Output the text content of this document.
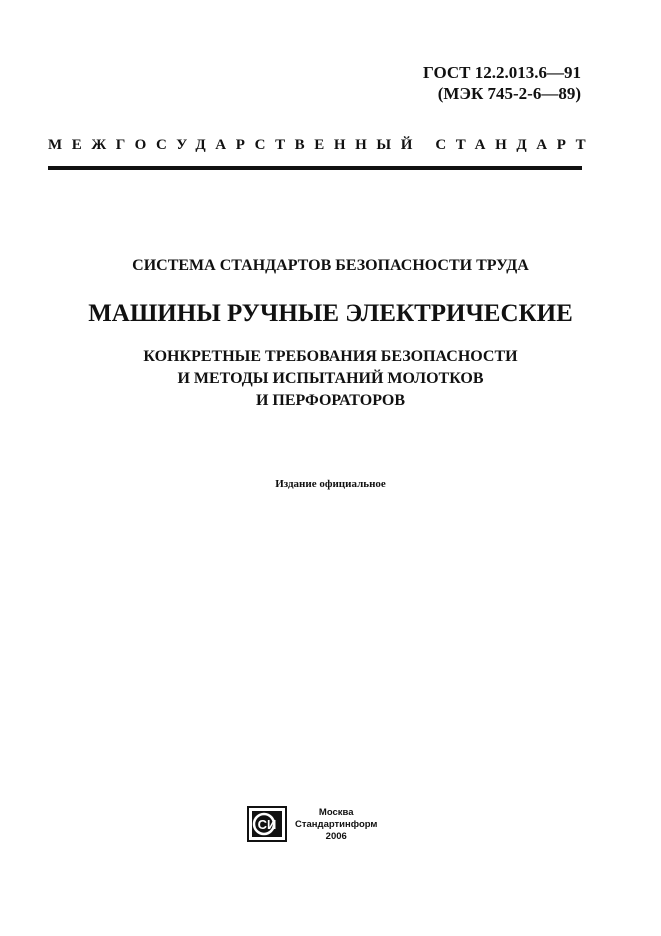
ГОСТ 12.2.013.6—91
(МЭК 745-2-6—89)
МЕЖГОСУДАРСТВЕННЫЙ СТАНДАРТ
СИСТЕМА СТАНДАРТОВ БЕЗОПАСНОСТИ ТРУДА
МАШИНЫ РУЧНЫЕ ЭЛЕКТРИЧЕСКИЕ
КОНКРЕТНЫЕ ТРЕБОВАНИЯ БЕЗОПАСНОСТИ
И МЕТОДЫ ИСПЫТАНИЙ МОЛОТКОВ
И ПЕРФОРАТОРОВ
Издание официальное
СИ
Москва
Стандартинформ
2006
